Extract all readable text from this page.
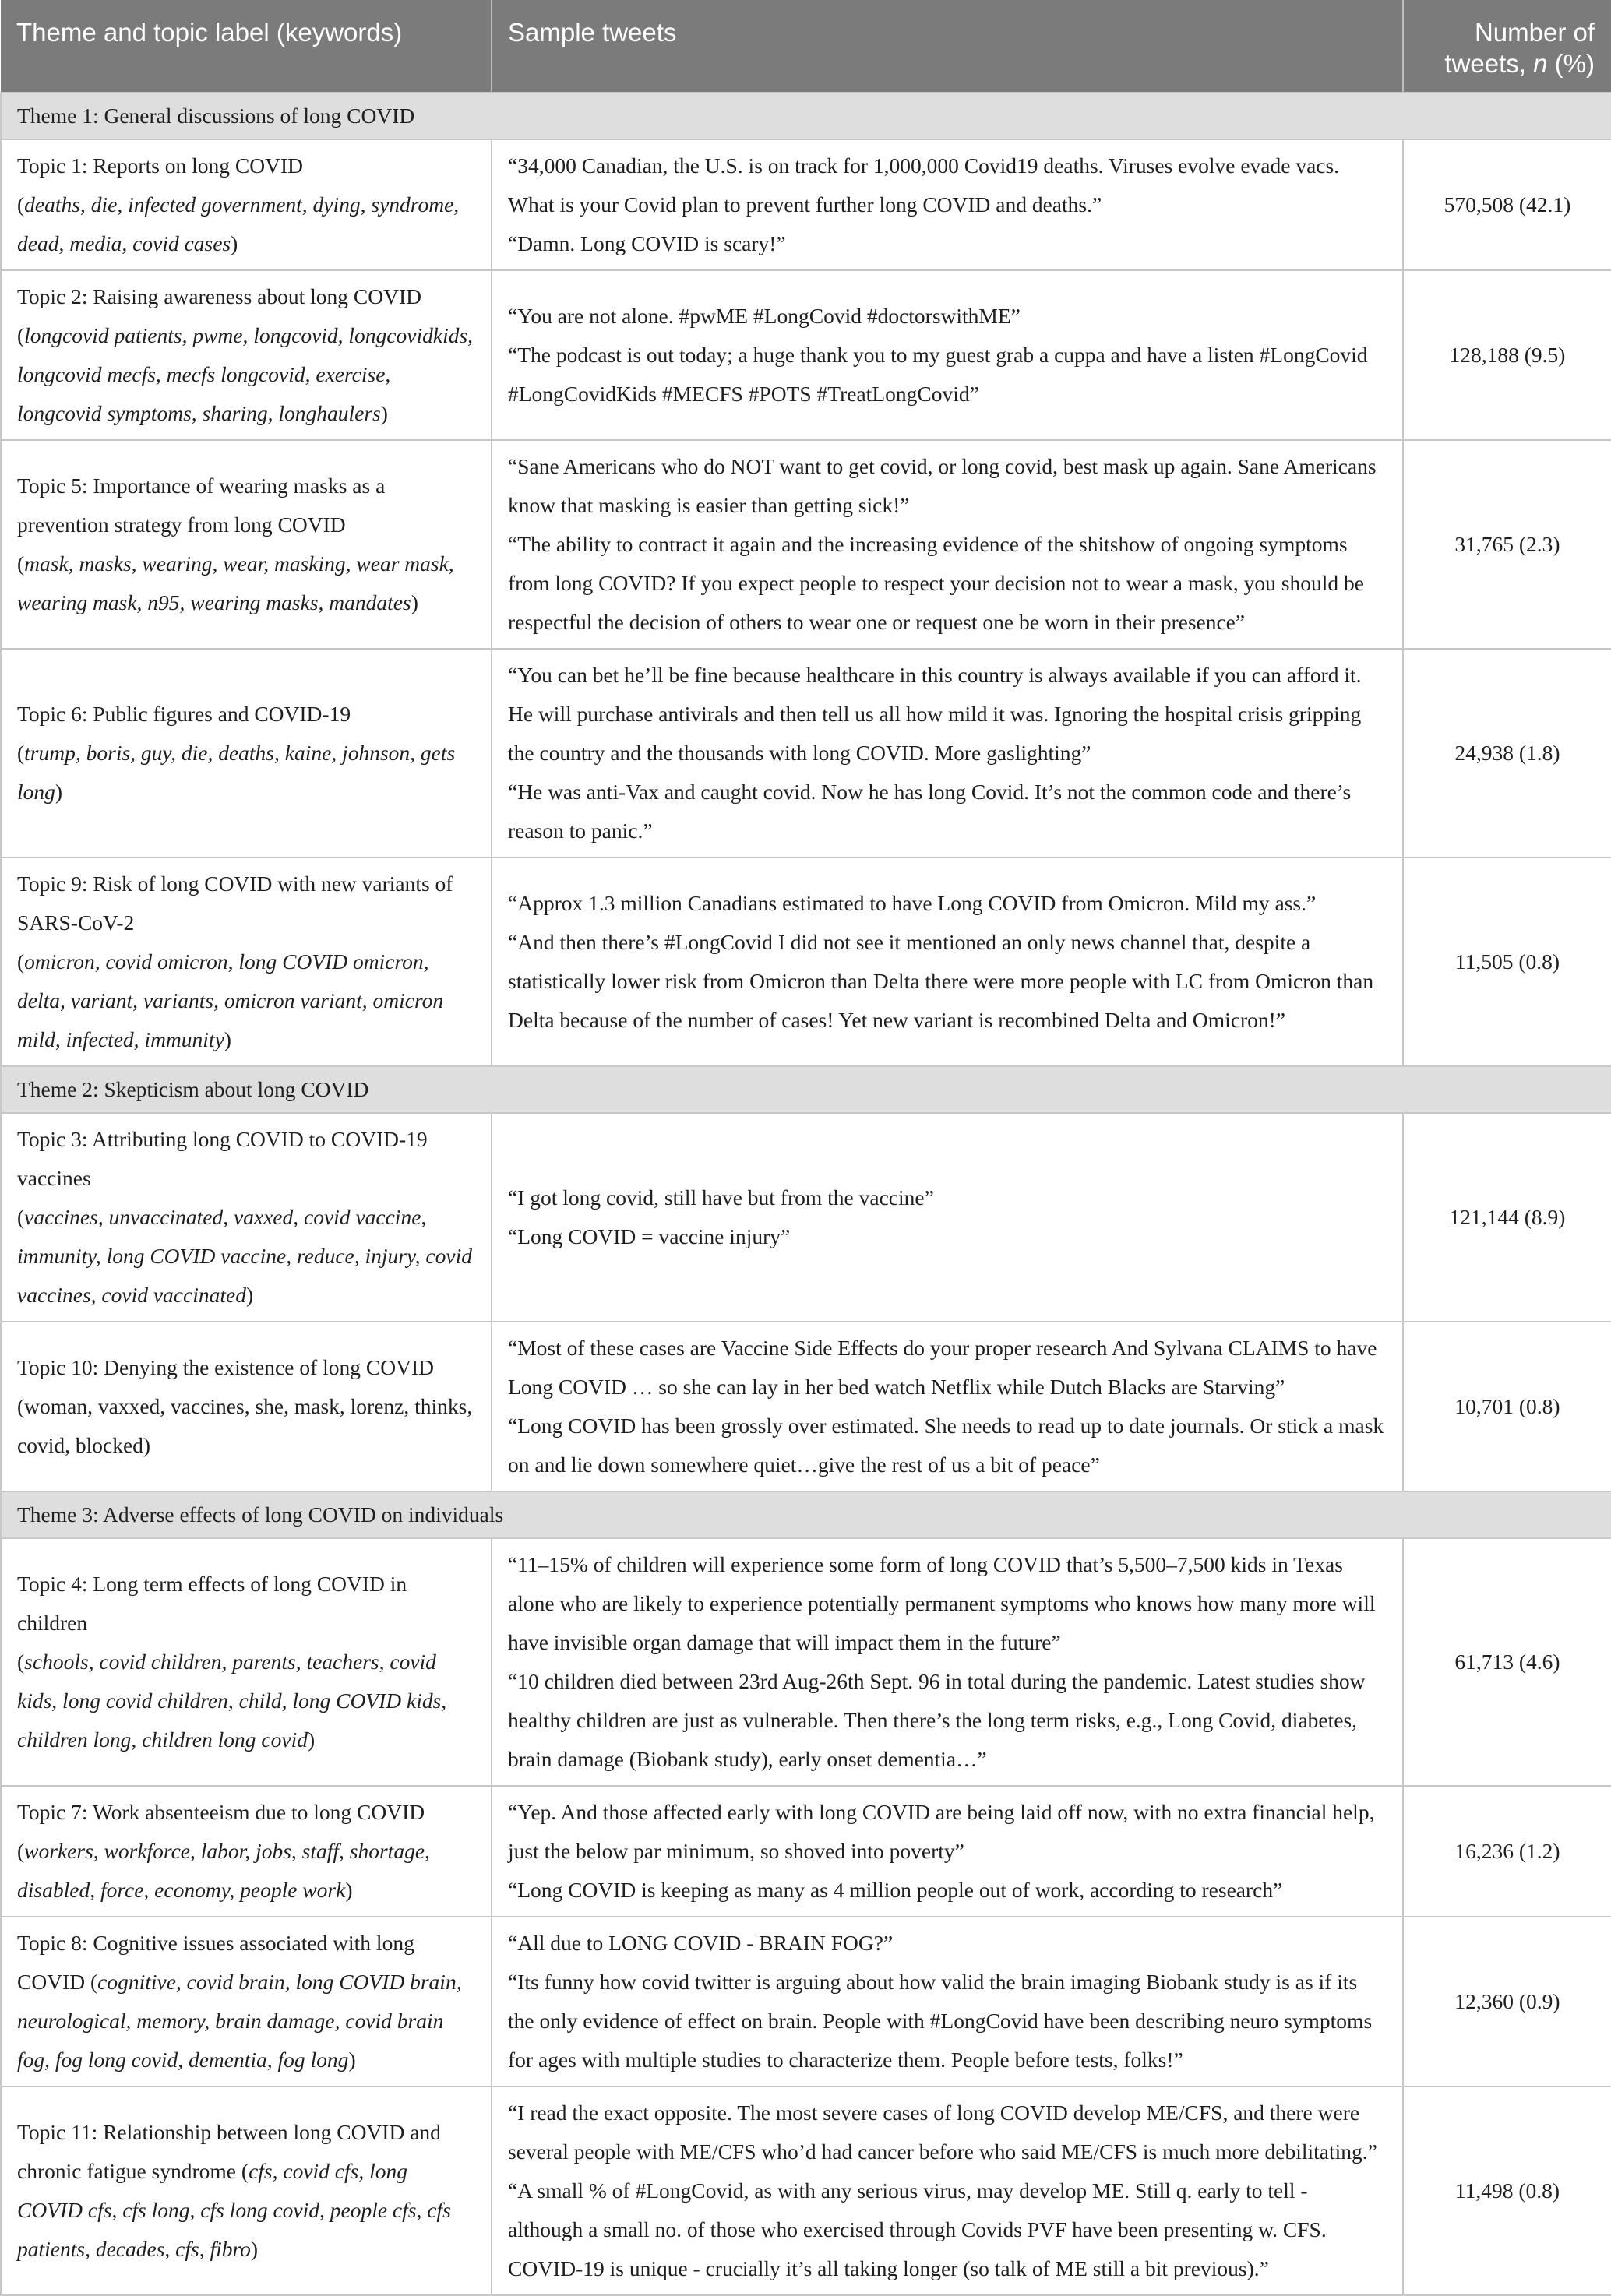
Theme and topic label (keywords)	Sample tweets	Number of
tweets, n (%)
Theme 1: General discussions of long COVID		
Topic 1: Reports on long COVID
(deaths, die, infected government, dying, syndrome, dead, media, covid cases)	“34,000 Canadian, the U.S. is on track for 1,000,000 Covid19 deaths. Viruses evolve evade vacs. What is your Covid plan to prevent further long COVID and deaths.”
“Damn. Long COVID is scary!”	570,508 (42.1)
Topic 2: Raising awareness about long COVID
(longcovid patients, pwme, longcovid, longcovidkids, longcovid mecfs, mecfs longcovid, exercise, longcovid symptoms, sharing, longhaulers)	“You are not alone. #pwME #LongCovid #doctorswithME”
“The podcast is out today; a huge thank you to my guest grab a cuppa and have a listen #LongCovid #LongCovidKids #MECFS #POTS #TreatLongCovid”	128,188 (9.5)
Topic 5: Importance of wearing masks as a prevention strategy from long COVID
(mask, masks, wearing, wear, masking, wear mask, wearing mask, n95, wearing masks, mandates)	“Sane Americans who do NOT want to get covid, or long covid, best mask up again. Sane Americans know that masking is easier than getting sick!”
“The ability to contract it again and the increasing evidence of the shitshow of ongoing symptoms from long COVID? If you expect people to respect your decision not to wear a mask, you should be respectful the decision of others to wear one or request one be worn in their presence”	31,765 (2.3)
Topic 6: Public figures and COVID-19
(trump, boris, guy, die, deaths, kaine, johnson, gets long)	“You can bet he’ll be fine because healthcare in this country is always available if you can afford it. He will purchase antivirals and then tell us all how mild it was. Ignoring the hospital crisis gripping the country and the thousands with long COVID. More gaslighting”
“He was anti-Vax and caught covid. Now he has long Covid. It’s not the common code and there’s reason to panic.”	24,938 (1.8)
Topic 9: Risk of long COVID with new variants of SARS-CoV-2
(omicron, covid omicron, long COVID omicron, delta, variant, variants, omicron variant, omicron mild, infected, immunity)	“Approx 1.3 million Canadians estimated to have Long COVID from Omicron. Mild my ass.”
“And then there’s #LongCovid I did not see it mentioned an only news channel that, despite a statistically lower risk from Omicron than Delta there were more people with LC from Omicron than Delta because of the number of cases! Yet new variant is recombined Delta and Omicron!”	11,505 (0.8)
Theme 2: Skepticism about long COVID		
Topic 3: Attributing long COVID to COVID-19 vaccines
(vaccines, unvaccinated, vaxxed, covid vaccine, immunity, long COVID vaccine, reduce, injury, covid vaccines, covid vaccinated)	“I got long covid, still have but from the vaccine”
“Long COVID = vaccine injury”	121,144 (8.9)
Topic 10: Denying the existence of long COVID
(woman, vaxxed, vaccines, she, mask, lorenz, thinks, covid, blocked)	“Most of these cases are Vaccine Side Effects do your proper research And Sylvana CLAIMS to have Long COVID … so she can lay in her bed watch Netflix while Dutch Blacks are Starving”
“Long COVID has been grossly over estimated. She needs to read up to date journals. Or stick a mask on and lie down somewhere quiet…give the rest of us a bit of peace”	10,701 (0.8)
Theme 3: Adverse effects of long COVID on individuals		
Topic 4: Long term effects of long COVID in children
(schools, covid children, parents, teachers, covid kids, long covid children, child, long COVID kids, children long, children long covid)	“11–15% of children will experience some form of long COVID that’s 5,500–7,500 kids in Texas alone who are likely to experience potentially permanent symptoms who knows how many more will have invisible organ damage that will impact them in the future”
“10 children died between 23rd Aug-26th Sept. 96 in total during the pandemic. Latest studies show healthy children are just as vulnerable. Then there’s the long term risks, e.g., Long Covid, diabetes, brain damage (Biobank study), early onset dementia…”	61,713 (4.6)
Topic 7: Work absenteeism due to long COVID
(workers, workforce, labor, jobs, staff, shortage, disabled, force, economy, people work)	“Yep. And those affected early with long COVID are being laid off now, with no extra financial help, just the below par minimum, so shoved into poverty”
“Long COVID is keeping as many as 4 million people out of work, according to research”	16,236 (1.2)
Topic 8: Cognitive issues associated with long COVID (cognitive, covid brain, long COVID brain, neurological, memory, brain damage, covid brain fog, fog long covid, dementia, fog long)	“All due to LONG COVID - BRAIN FOG?”
“Its funny how covid twitter is arguing about how valid the brain imaging Biobank study is as if its the only evidence of effect on brain. People with #LongCovid have been describing neuro symptoms for ages with multiple studies to characterize them. People before tests, folks!”	12,360 (0.9)
Topic 11: Relationship between long COVID and chronic fatigue syndrome (cfs, covid cfs, long COVID cfs, cfs long, cfs long covid, people cfs, cfs patients, decades, cfs, fibro)	“I read the exact opposite. The most severe cases of long COVID develop ME/CFS, and there were several people with ME/CFS who’d had cancer before who said ME/CFS is much more debilitating.”
“A small % of #LongCovid, as with any serious virus, may develop ME. Still q. early to tell - although a small no. of those who exercised through Covids PVF have been presenting w. CFS. COVID-19 is unique - crucially it’s all taking longer (so talk of ME still a bit previous).”	11,498 (0.8)
